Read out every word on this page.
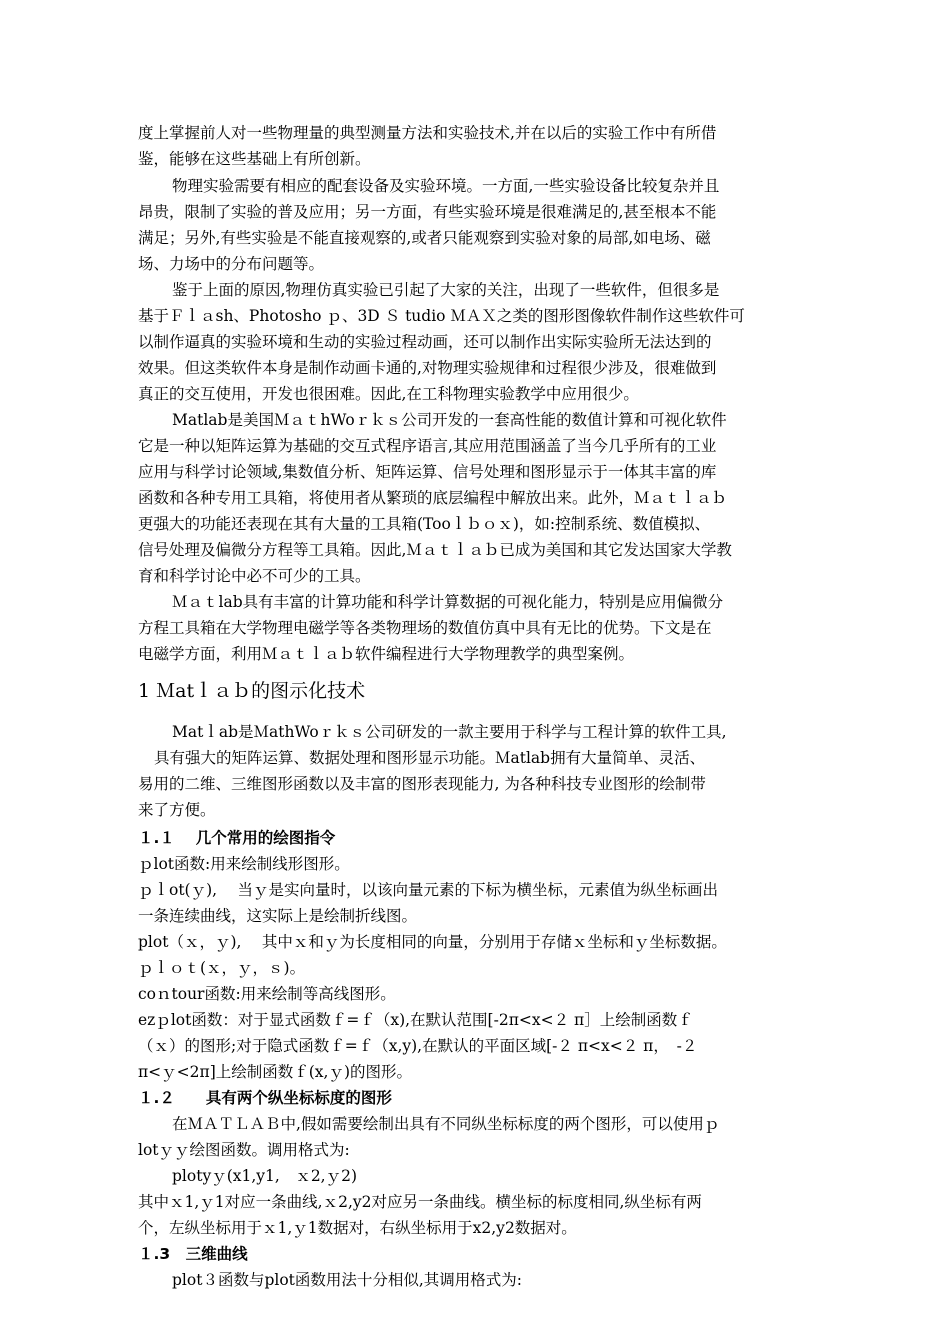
度上掌握前人对一些物理量的典型测量方法和实验技术,并在以后的实验工作中有所借
鉴，能够在这些基础上有所创新。
物理实验需要有相应的配套设备及实验环境。一方面,一些实验设备比较复杂并且
昂贵，限制了实验的普及应用；另一方面，有些实验环境是很难满足的,甚至根本不能
满足；另外,有些实验是不能直接观察的,或者只能观察到实验对象的局部,如电场、磁
场、力场中的分布问题等。
鉴于上面的原因,物理仿真实验已引起了大家的关注，出现了一些软件，但很多是
基于Ｆｌａsh、Photosho ｐ、3D Ｓ tudio ＭＡＸ之类的图形图像软件制作这些软件可
以制作逼真的实验环境和生动的实验过程动画，还可以制作出实际实验所无法达到的
效果。但这类软件本身是制作动画卡通的,对物理实验规律和过程很少涉及，很难做到
真正的交互使用，开发也很困难。因此,在工科物理实验教学中应用很少。
Matlab是美国ＭａｔhWoｒｋｓ公司开发的一套高性能的数值计算和可视化软件
它是一种以矩阵运算为基础的交互式程序语言,其应用范围涵盖了当今几乎所有的工业
应用与科学讨论领域,集数值分析、矩阵运算、信号处理和图形显示于一体其丰富的库
函数和各种专用工具箱，将使用者从繁琐的底层编程中解放出来。此外，Ｍａｔｌａｂ
更强大的功能还表现在其有大量的工具箱(Tooｌｂｏｘ)，如:控制系统、数值模拟、
信号处理及偏微分方程等工具箱。因此,Ｍａｔｌａｂ已成为美国和其它发达国家大学教
育和科学讨论中必不可少的工具。
Ｍａｔlab具有丰富的计算功能和科学计算数据的可视化能力，特别是应用偏微分
方程工具箱在大学物理电磁学等各类物理场的数值仿真中具有无比的优势。下文是在
电磁学方面，利用Ｍａｔｌａｂ软件编程进行大学物理教学的典型案例。
1 Ｍatｌａｂ的图示化技术
Matｌab是ＭathWoｒｋｓ公司研发的一款主要用于科学与工程计算的软件工具,
具有强大的矩阵运算、数据处理和图形显示功能。Ｍatlab拥有大量简单、灵活、
易用的二维、三维图形函数以及丰富的图形表现能力, 为各种科技专业图形的绘制带
来了方便。
１.１　 几个常用的绘图指令
ｐlot函数:用来绘制线形图形。
ｐｌot(ｙ),　 当ｙ是实向量时，以该向量元素的下标为横坐标，元素值为纵坐标画出
一条连续曲线，这实际上是绘制折线图。
plot（ｘ，ｙ),　 其中ｘ和ｙ为长度相同的向量，分别用于存储ｘ坐标和ｙ坐标数据。
ｐｌｏｔ(ｘ，ｙ，ｓ)。
coｎtour函数:用来绘制等高线图形。
ezｐlot函数：对于显式函数ｆ=ｆ（x),在默认范围[-2π<x<２ π］上绘制函数ｆ
（ｘ）的图形;对于隐式函数ｆ=ｆ（x,y),在默认的平面区域[-２ π<x<２ π，　-２
π<ｙ<2π]上绘制函数ｆ(x,ｙ)的图形。
１.２　　具有两个纵坐标标度的图形
在ＭＡＴＬＡＢ中,假如需要绘制出具有不同纵坐标标度的两个图形，可以使用ｐ
lotｙｙ绘图函数。调用格式为:
plotyｙ(x1,y1,　ｘ2,ｙ2)
其中ｘ1,ｙ1对应一条曲线,ｘ2,y2对应另一条曲线。横坐标的标度相同,纵坐标有两
个，左纵坐标用于ｘ1,ｙ1数据对，右纵坐标用于x2,y2数据对。
１.3　三维曲线
plot３函数与plot函数用法十分相似,其调用格式为:
